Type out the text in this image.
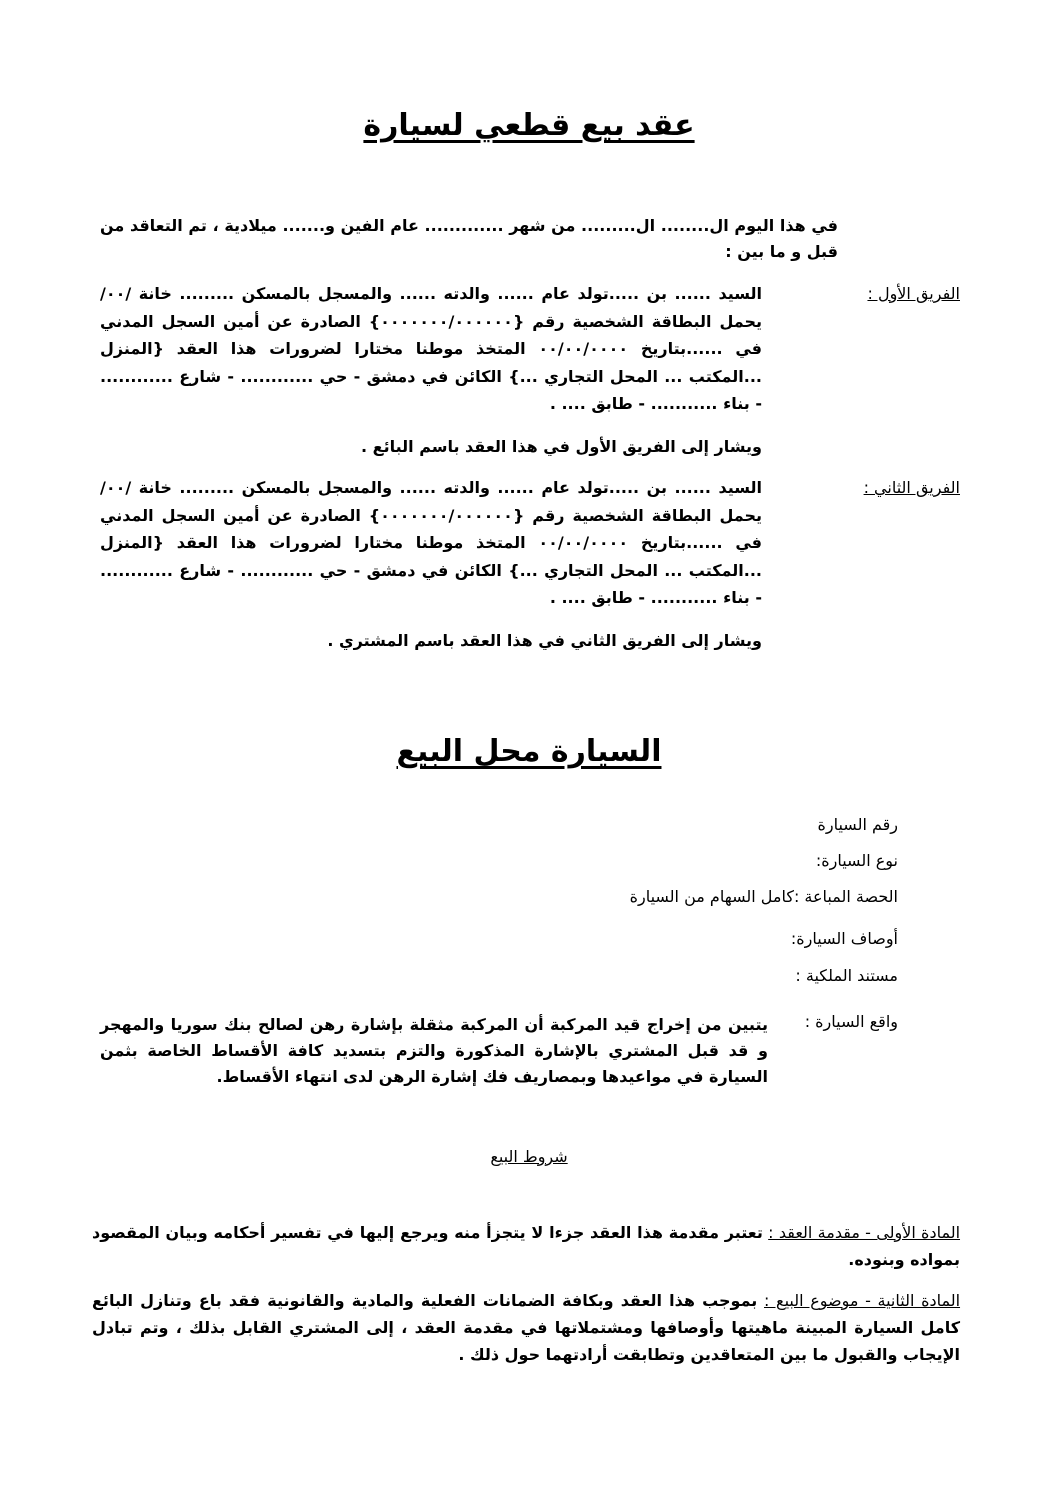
عقد بيع قطعي لسيارة
في هذا اليوم ال........ ال......... من شهر ............. عام الفين و....... ميلادية ، تم التعاقد من قبل و ما بين :
الفريق الأول :
السيد ...... بن .....تولد عام ...... والدته ...... والمسجل بالمسكن ......... خانة /٠٠/ يحمل البطاقة الشخصية رقم {٠٠٠٠٠٠٠/٠٠٠٠٠٠} الصادرة عن أمين السجل المدني في ......بتاريخ ٠٠/٠٠/٠٠٠٠ المتخذ موطنا مختارا لضرورات هذا العقد {المنزل ...المكتب ... المحل التجاري ...} الكائن في دمشق - حي ............ - شارع ............ - بناء ........... - طابق .... .
ويشار إلى الفريق الأول في هذا العقد باسم البائع .
الفريق الثاني :
السيد ...... بن .....تولد عام ...... والدته ...... والمسجل بالمسكن ......... خانة /٠٠/ يحمل البطاقة الشخصية رقم {٠٠٠٠٠٠٠/٠٠٠٠٠٠} الصادرة عن أمين السجل المدني في ......بتاريخ ٠٠/٠٠/٠٠٠٠ المتخذ موطنا مختارا لضرورات هذا العقد {المنزل ...المكتب ... المحل التجاري ...} الكائن في دمشق - حي ............ - شارع ............ - بناء ........... - طابق .... .
ويشار إلى الفريق الثاني في هذا العقد باسم المشتري .
السيارة محل البيع
رقم السيارة
نوع السيارة:
الحصة المباعة :كامل السهام من السيارة
أوصاف السيارة:
مستند الملكية :
واقع السيارة :
يتبين من إخراج قيد المركبة أن المركبة مثقلة بإشارة رهن لصالح بنك سوريا والمهجر و قد قبل المشتري بالإشارة المذكورة والتزم بتسديد كافة الأقساط الخاصة بثمن السيارة في مواعيدها وبمصاريف فك إشارة الرهن لدى انتهاء الأقساط.
شروط البيع
المادة الأولى - مقدمة العقد : تعتبر مقدمة هذا العقد جزءا لا يتجزأ منه ويرجع إليها في تفسير أحكامه وبيان المقصود بمواده وبنوده.
المادة الثانية - موضوع البيع : بموجب هذا العقد وبكافة الضمانات الفعلية والمادية والقانونية فقد باع وتنازل البائع كامل السيارة المبينة ماهيتها وأوصافها ومشتملاتها في مقدمة العقد ، إلى المشتري القابل بذلك ، وتم تبادل الإيجاب والقبول ما بين المتعاقدين وتطابقت أرادتهما حول ذلك .
